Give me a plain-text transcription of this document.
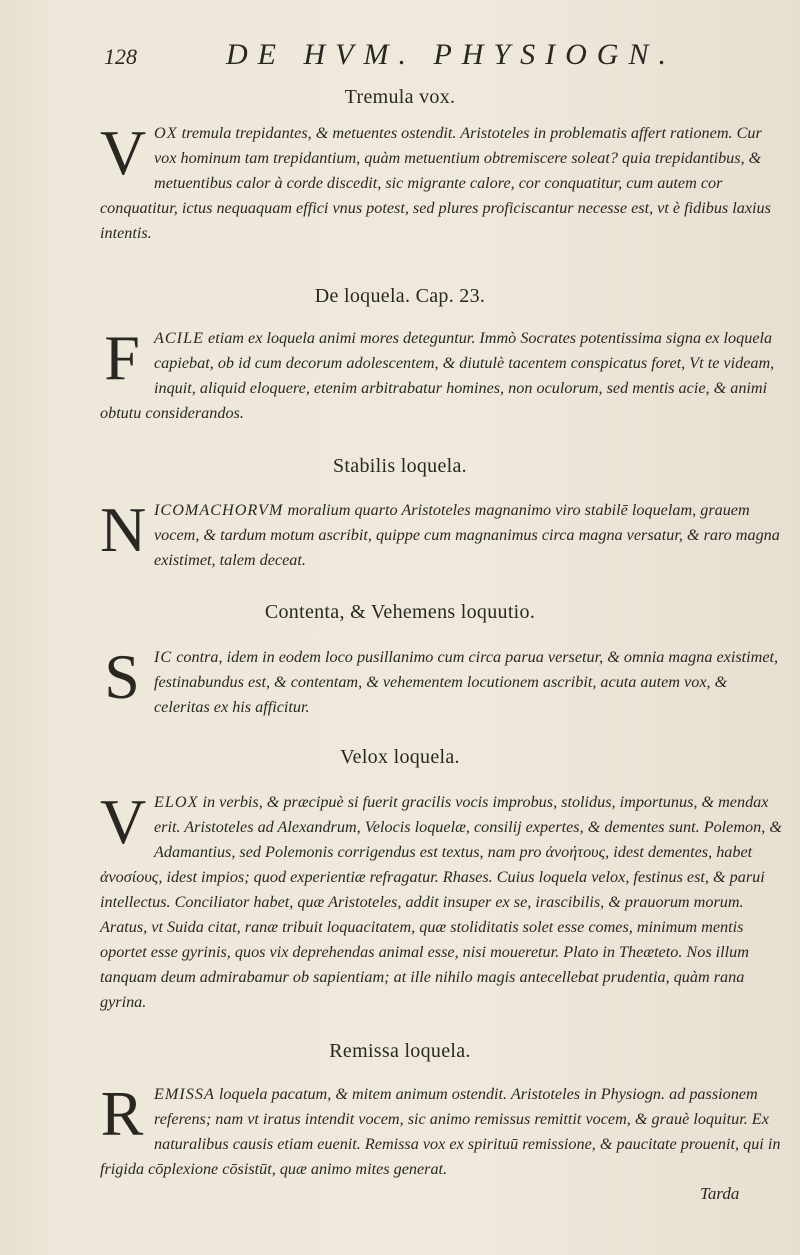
128	DE HVM. PHYSIOGN.
Tremula vox.
V OX tremula trepidantes, & metuentes ostendit. Aristoteles in problematis affert rationem. Cur vox hominum tam trepidantium, quàm metuentium obtremiscere soleat? quia trepidantibus, & metuentibus calor à corde discedit, sic migrante calore, cor conquatitur, cum autem cor conquatitur, ictus nequaquam effici vnus potest, sed plures proficiscantur necesse est, vt è fidibus laxius intentis.
De loquela. Cap. 23.
F ACILE etiam ex loquela animi mores deteguntur. Immò Socrates potentissima signa ex loquela capiebat, ob id cum decorum adolescentem, & diutulè tacentem conspicatus foret, Vt te videam, inquit, aliquid eloquere, etenim arbitrabatur homines, non oculorum, sed mentis acie, & animi obtutu considerandos.
Stabilis loquela.
N ICOMACHORVM moralium quarto Aristoteles magnanimo viro stabilē loquelam, grauem vocem, & tardum motum ascribit, quippe cum magnanimus circa magna versatur, & raro magna existimet, talem deceat.
Contenta, & Vehemens loquutio.
S IC contra, idem in eodem loco pusillanimo cum circa parua versetur, & omnia magna existimet, festinabundus est, & contentam, & vehementem locutionem ascribit, acuta autem vox, & celeritas ex his afficitur.
Velox loquela.
V ELOX in verbis, & præcipuè si fuerit gracilis vocis improbus, stolidus, importunus, & mendax erit. Aristoteles ad Alexandrum, Velocis loquelæ, consilij expertes, & dementes sunt. Polemon, & Adamantius, sed Polemonis corrigendus est textus, nam pro ἀνοήτους, idest dementes, habet ἀνοσίους, idest impios; quod experientiæ refragatur. Rhases. Cuius loquela velox, festinus est, & parui intellectus. Conciliator habet, quæ Aristoteles, addit insuper ex se, irascibilis, & prauorum morum. Aratus, vt Suida citat, ranæ tribuit loquacitatem, quæ stoliditatis solet esse comes, minimum mentis oportet esse gyrinis, quos vix deprehendas animal esse, nisi moueretur. Plato in Theæteto. Nos illum tanquam deum admirabamur ob sapientiam; at ille nihilo magis antecellebat prudentia, quàm rana gyrina.
Remissa loquela.
R EMISSA loquela pacatum, & mitem animum ostendit. Aristoteles in Physiogn. ad passionem referens; nam vt iratus intendit vocem, sic animo remissus remittit vocem, & grauè loquitur. Ex naturalibus causis etiam euenit. Remissa vox ex spirituū remissione, & paucitate prouenit, qui in frigida cōplexione cōsistūt, quæ animo mites generat.
Tarda
